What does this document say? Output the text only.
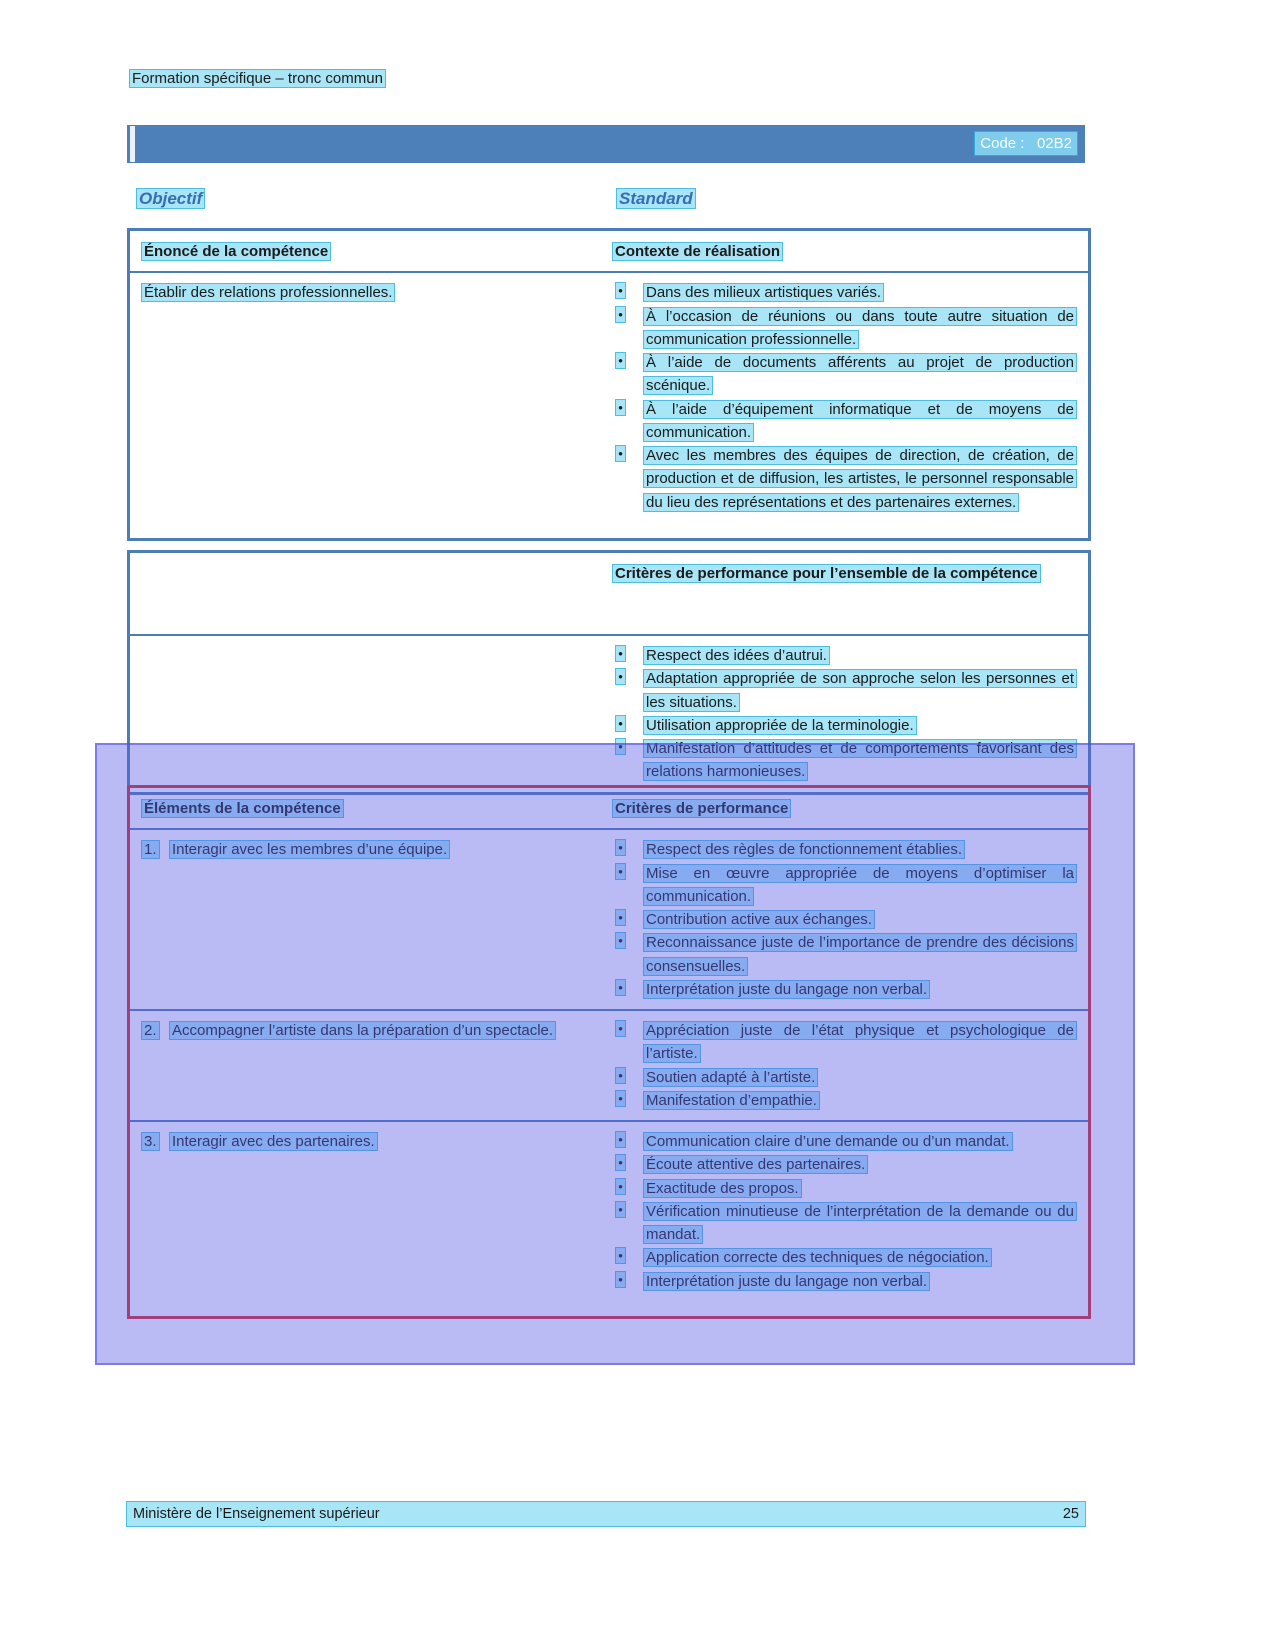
Formation spécifique – tronc commun
Code :   02B2
Objectif	Standard
Énoncé de la compétence	Contexte de réalisation
Établir des relations professionnelles.	•	Dans des milieux artistiques variés.
•	À l’occasion de réunions ou dans toute autre situation de communication professionnelle.
•	À l’aide de documents afférents au projet de production scénique.
•	À l’aide d’équipement informatique et de moyens de communication.
•	Avec les membres des équipes de direction, de création, de production et de diffusion, les artistes, le personnel responsable du lieu des représentations et des partenaires externes.
Critères de performance pour l’ensemble de la compétence
•	Respect des idées d’autrui.
•	Adaptation appropriée de son approche selon les personnes et les situations.
•	Utilisation appropriée de la terminologie.
•	Manifestation d’attitudes et de comportements favorisant des relations harmonieuses.
Éléments de la compétence	Critères de performance
1.	Interagir avec les membres d’une équipe.	•	Respect des règles de fonctionnement établies.
•	Mise en œuvre appropriée de moyens d’optimiser la communication.
•	Contribution active aux échanges.
•	Reconnaissance juste de l’importance de prendre des décisions consensuelles.
•	Interprétation juste du langage non verbal.
2.	Accompagner l’artiste dans la préparation d’un spectacle.	•	Appréciation juste de l’état physique et psychologique de l’artiste.
•	Soutien adapté à l’artiste.
•	Manifestation d’empathie.
3.	Interagir avec des partenaires.	•	Communication claire d’une demande ou d’un mandat.
•	Écoute attentive des partenaires.
•	Exactitude des propos.
•	Vérification minutieuse de l’interprétation de la demande ou du mandat.
•	Application correcte des techniques de négociation.
•	Interprétation juste du langage non verbal.
Ministère de l’Enseignement supérieur	25
